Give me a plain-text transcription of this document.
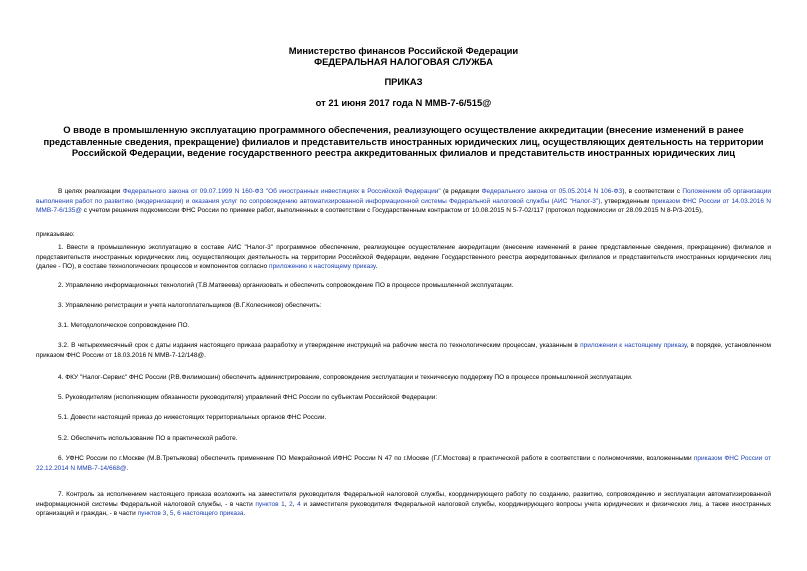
Министерство финансов Российской Федерации
ФЕДЕРАЛЬНАЯ НАЛОГОВАЯ СЛУЖБА
ПРИКАЗ
от 21 июня 2017 года N ММВ-7-6/515@
О вводе в промышленную эксплуатацию программного обеспечения, реализующего осуществление аккредитации (внесение изменений в ранее представленные сведения, прекращение) филиалов и представительств иностранных юридических лиц, осуществляющих деятельность на территории Российской Федерации, ведение государственного реестра аккредитованных филиалов и представительств иностранных юридических лиц
В целях реализации Федерального закона от 09.07.1999 N 160-ФЗ "Об иностранных инвестициях в Российской Федерации" (в редакции Федерального закона от 05.05.2014 N 106-ФЗ), в соответствии с Положением об организации выполнения работ по развитию (модернизации) и оказания услуг по сопровождению автоматизированной информационной системы Федеральной налоговой службы (АИС "Налог-3"), утвержденным приказом ФНС России от 14.03.2016 N ММВ-7-6/135@ с учетом решения подкомиссии ФНС России по приемке работ, выполненных в соответствии с Государственным контрактом от 10.08.2015 N 5-7-02/117 (протокол подкомиссии от 28.09.2015 N 8-Р/3-2015),
приказываю:
1. Ввести в промышленную эксплуатацию в составе АИС "Налог-3" программное обеспечение, реализующее осуществление аккредитации (внесение изменений в ранее представленные сведения, прекращение) филиалов и представительств иностранных юридических лиц, осуществляющих деятельность на территории Российской Федерации, ведение Государственного реестра аккредитованных филиалов и представительств иностранных юридических лиц (далее - ПО), в составе технологических процессов и компонентов согласно приложению к настоящему приказу.
2. Управлению информационных технологий (Т.В.Матвеева) организовать и обеспечить сопровождение ПО в процессе промышленной эксплуатации.
3. Управлению регистрации и учета налогоплательщиков (В.Г.Колесников) обеспечить:
3.1. Методологическое сопровождение ПО.
3.2. В четырехмесячный срок с даты издания настоящего приказа разработку и утверждение инструкций на рабочие места по технологическим процессам, указанным в приложении к настоящему приказу, в порядке, установленном приказом ФНС России от 18.03.2016 N ММВ-7-12/148@.
4. ФКУ "Налог-Сервис" ФНС России (Р.В.Филимошин) обеспечить администрирование, сопровождение эксплуатации и техническую поддержку ПО в процессе промышленной эксплуатации.
5. Руководителям (исполняющим обязанности руководителя) управлений ФНС России по субъектам Российской Федерации:
5.1. Довести настоящий приказ до нижестоящих территориальных органов ФНС России.
5.2. Обеспечить использование ПО в практической работе.
6. УФНС России по г.Москве (М.В.Третьякова) обеспечить применение ПО Межрайонной ИФНС России N 47 по г.Москве (Г.Г.Мостова) в практической работе в соответствии с полномочиями, возложенными приказом ФНС России от 22.12.2014 N ММВ-7-14/668@.
7. Контроль за исполнением настоящего приказа возложить на заместителя руководителя Федеральной налоговой службы, координирующего работу по созданию, развитию, сопровождению и эксплуатации автоматизированной информационной системы Федеральной налоговой службы, - в части пунктов 1, 2, 4 и заместителя руководителя Федеральной налоговой службы, координирующего вопросы учета юридических и физических лиц, а также иностранных организаций и граждан, - в части пунктов 3, 5, 6 настоящего приказа.
